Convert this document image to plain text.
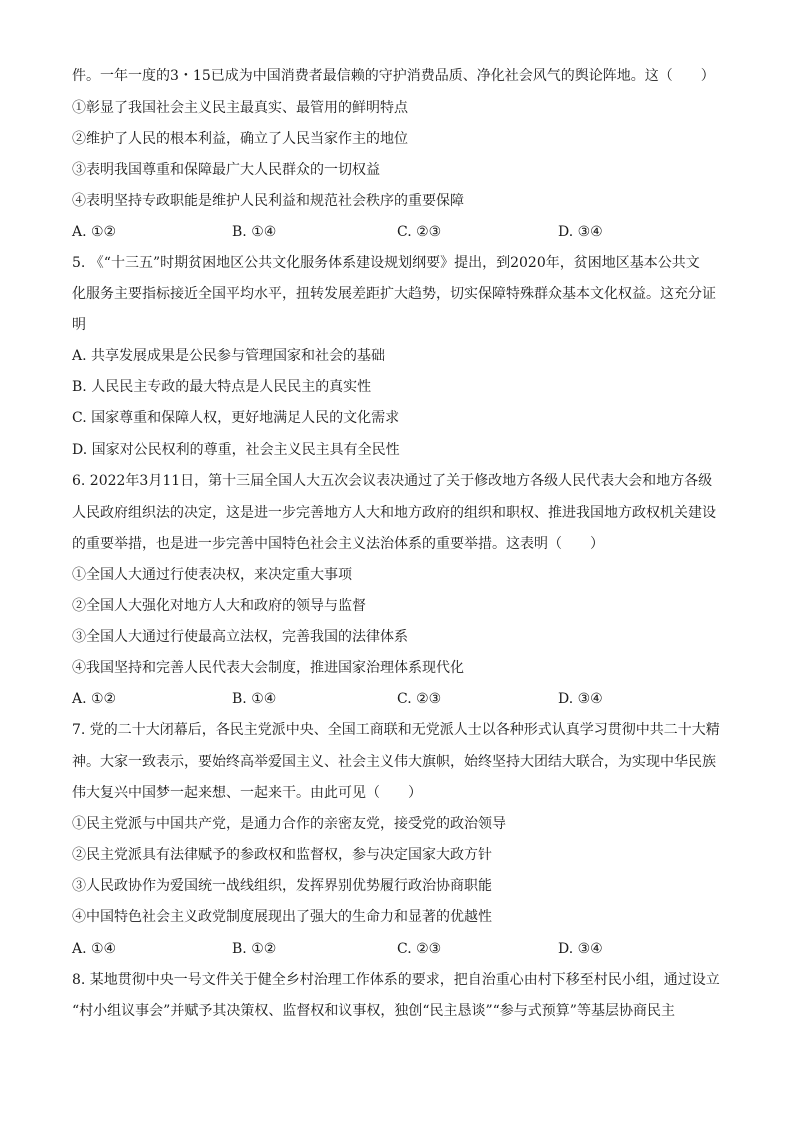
件。一年一度的3・15已成为中国消费者最信赖的守护消费品质、净化社会风气的舆论阵地。这（　　）
①彰显了我国社会主义民主最真实、最管用的鲜明特点
②维护了人民的根本利益，确立了人民当家作主的地位
③表明我国尊重和保障最广大人民群众的一切权益
④表明坚持专政职能是维护人民利益和规范社会秩序的重要保障
A. ①②	B. ①④	C. ②③	D. ③④
5. 《“十三五”时期贫困地区公共文化服务体系建设规划纲要》提出，到2020年，贫困地区基本公共文
化服务主要指标接近全国平均水平，扭转发展差距扩大趋势，切实保障特殊群众基本文化权益。这充分证
明
A. 共享发展成果是公民参与管理国家和社会的基础
B. 人民民主专政的最大特点是人民民主的真实性
C. 国家尊重和保障人权，更好地满足人民的文化需求
D. 国家对公民权利的尊重，社会主义民主具有全民性
6. 2022年3月11日，第十三届全国人大五次会议表决通过了关于修改地方各级人民代表大会和地方各级
人民政府组织法的决定，这是进一步完善地方人大和地方政府的组织和职权、推进我国地方政权机关建设
的重要举措，也是进一步完善中国特色社会主义法治体系的重要举措。这表明（　　）
①全国人大通过行使表决权，来决定重大事项
②全国人大强化对地方人大和政府的领导与监督
③全国人大通过行使最高立法权，完善我国的法律体系
④我国坚持和完善人民代表大会制度，推进国家治理体系现代化
A. ①②	B. ①④	C. ②③	D. ③④
7. 党的二十大闭幕后，各民主党派中央、全国工商联和无党派人士以各种形式认真学习贯彻中共二十大精
神。大家一致表示，要始终高举爱国主义、社会主义伟大旗帜，始终坚持大团结大联合，为实现中华民族
伟大复兴中国梦一起来想、一起来干。由此可见（　　）
①民主党派与中国共产党，是通力合作的亲密友党，接受党的政治领导
②民主党派具有法律赋予的参政权和监督权，参与决定国家大政方针
③人民政协作为爱国统一战线组织，发挥界别优势履行政治协商职能
④中国特色社会主义政党制度展现出了强大的生命力和显著的优越性
A. ①④	B. ①②	C. ②③	D. ③④
8. 某地贯彻中央一号文件关于健全乡村治理工作体系的要求，把自治重心由村下移至村民小组，通过设立
“村小组议事会”并赋予其决策权、监督权和议事权，独创“民主恳谈”“参与式预算”等基层协商民主
